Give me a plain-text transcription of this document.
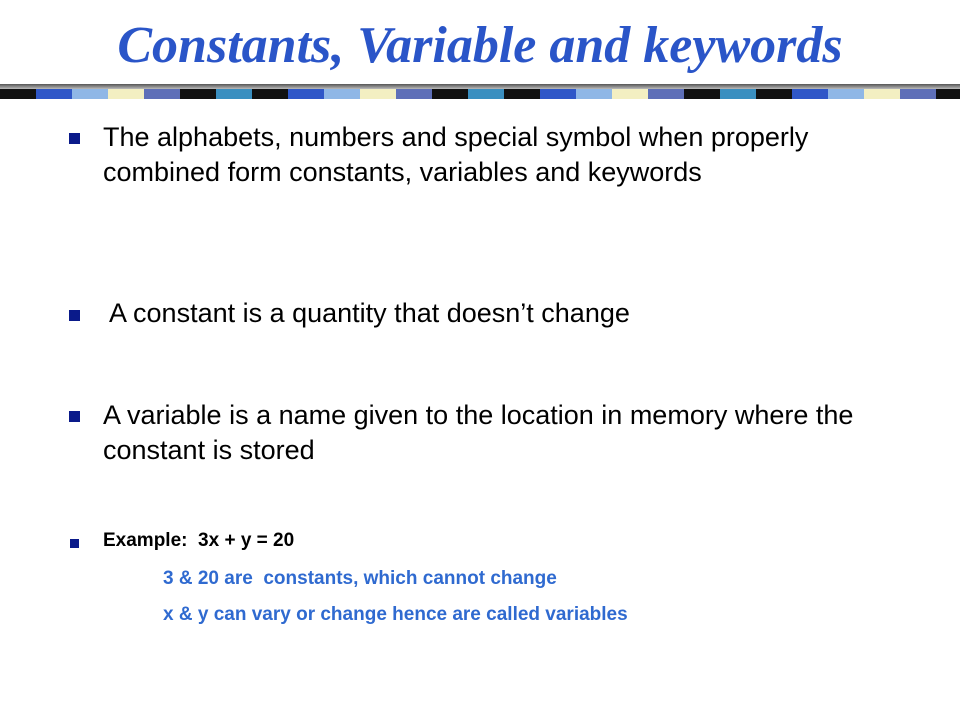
Constants, Variable and keywords
The alphabets, numbers and special symbol when properly combined form constants, variables and keywords
A constant is a quantity that doesn’t change
A variable is a name given to the location in memory where the constant is stored
Example:  3x + y = 20
3 & 20 are  constants, which cannot change
x & y can vary or change hence are called variables
